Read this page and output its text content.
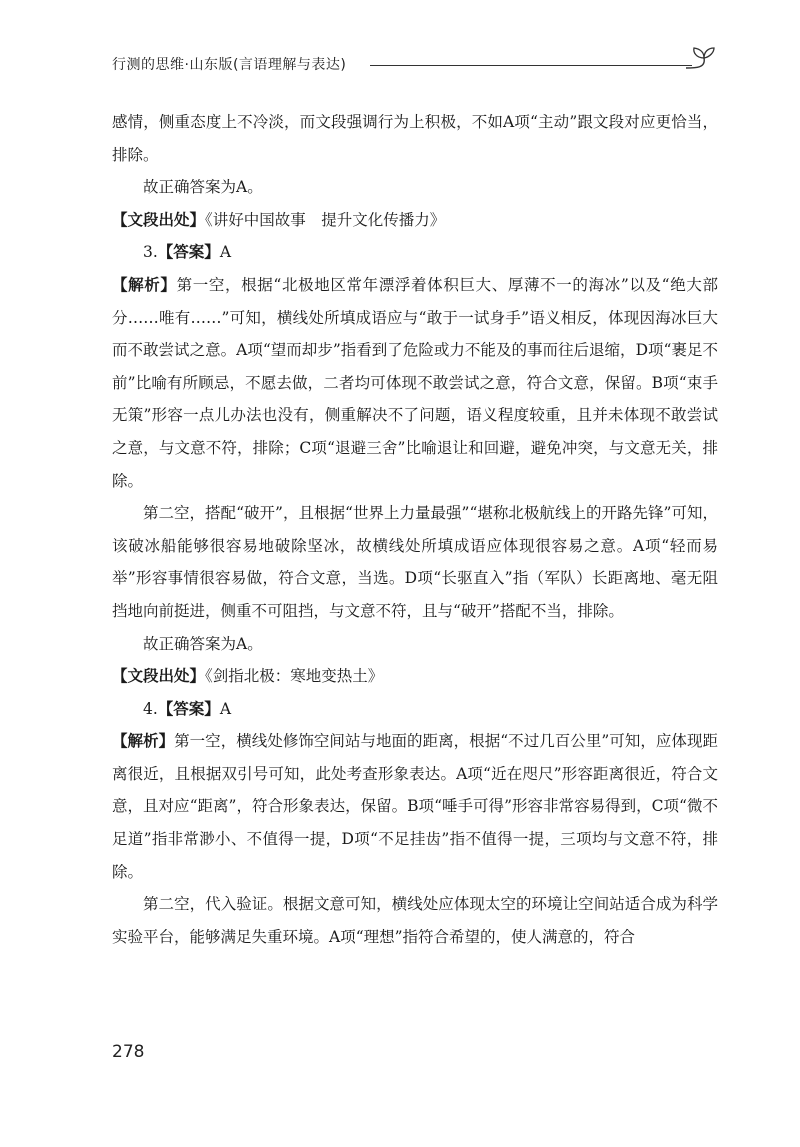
行测的思维·山东版(言语理解与表达)

感情，侧重态度上不冷淡，而文段强调行为上积极，不如A项“主动”跟文段对应更恰当，排除。

故正确答案为A。

【文段出处】《讲好中国故事　提升文化传播力》

3.【答案】A

【解析】第一空，根据“北极地区常年漂浮着体积巨大、厚薄不一的海冰”以及“绝大部分……唯有……”可知，横线处所填成语应与“敢于一试身手”语义相反，体现因海冰巨大而不敢尝试之意。A项“望而却步”指看到了危险或力不能及的事而往后退缩，D项“裹足不前”比喻有所顾忌，不愿去做，二者均可体现不敢尝试之意，符合文意，保留。B项“束手无策”形容一点儿办法也没有，侧重解决不了问题，语义程度较重，且并未体现不敢尝试之意，与文意不符，排除；C项“退避三舍”比喻退让和回避，避免冲突，与文意无关，排除。

第二空，搭配“破开”，且根据“世界上力量最强”“堪称北极航线上的开路先锋”可知，该破冰船能够很容易地破除坚冰，故横线处所填成语应体现很容易之意。A项“轻而易举”形容事情很容易做，符合文意，当选。D项“长驱直入”指（军队）长距离地、毫无阻挡地向前挺进，侧重不可阻挡，与文意不符，且与“破开”搭配不当，排除。

故正确答案为A。

【文段出处】《剑指北极：寒地变热土》

4.【答案】A

【解析】第一空，横线处修饰空间站与地面的距离，根据“不过几百公里”可知，应体现距离很近，且根据双引号可知，此处考查形象表达。A项“近在咫尺”形容距离很近，符合文意，且对应“距离”，符合形象表达，保留。B项“唾手可得”形容非常容易得到，C项“微不足道”指非常渺小、不值得一提，D项“不足挂齿”指不值得一提，三项均与文意不符，排除。

第二空，代入验证。根据文意可知，横线处应体现太空的环境让空间站适合成为科学实验平台，能够满足失重环境。A项“理想”指符合希望的，使人满意的，符合

278
